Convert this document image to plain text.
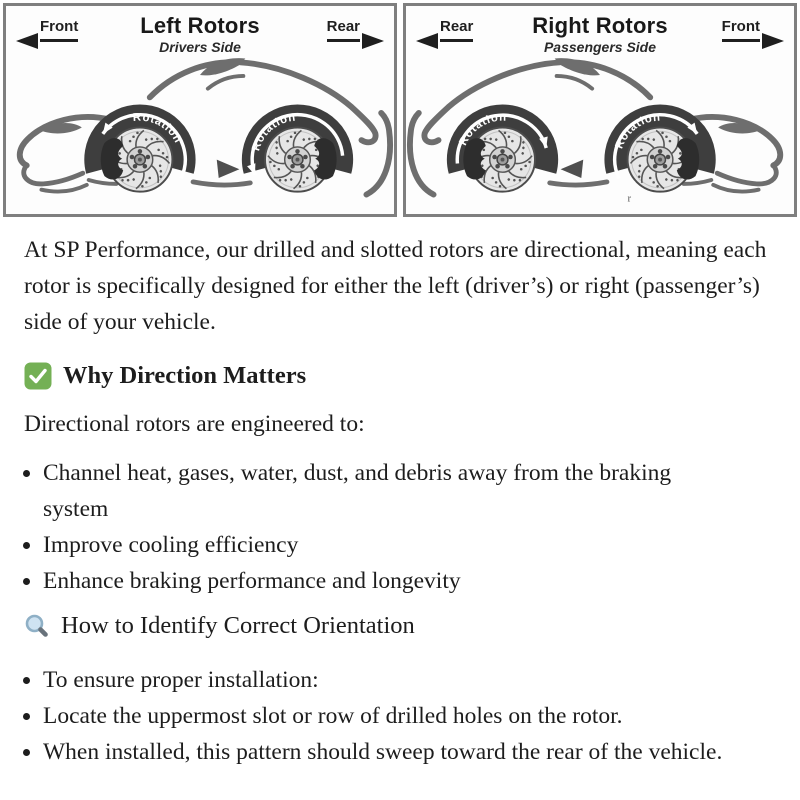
Front	Left Rotors
Drivers Side
Rear
Rotation
Rotation
Rear	Right Rotors
Passengers Side
Front
Rotation
Rotation
r

At SP Performance, our drilled and slotted rotors are directional, meaning each rotor is specifically designed for either the left (driver’s) or right (passenger’s) side of your vehicle.

Why Direction Matters

Directional rotors are engineered to:

• Channel heat, gases, water, dust, and debris away from the braking system
• Improve cooling efficiency
• Enhance braking performance and longevity
How to Identify Correct Orientation
• To ensure proper installation:
• Locate the uppermost slot or row of drilled holes on the rotor.
• When installed, this pattern should sweep toward the rear of the vehicle.
